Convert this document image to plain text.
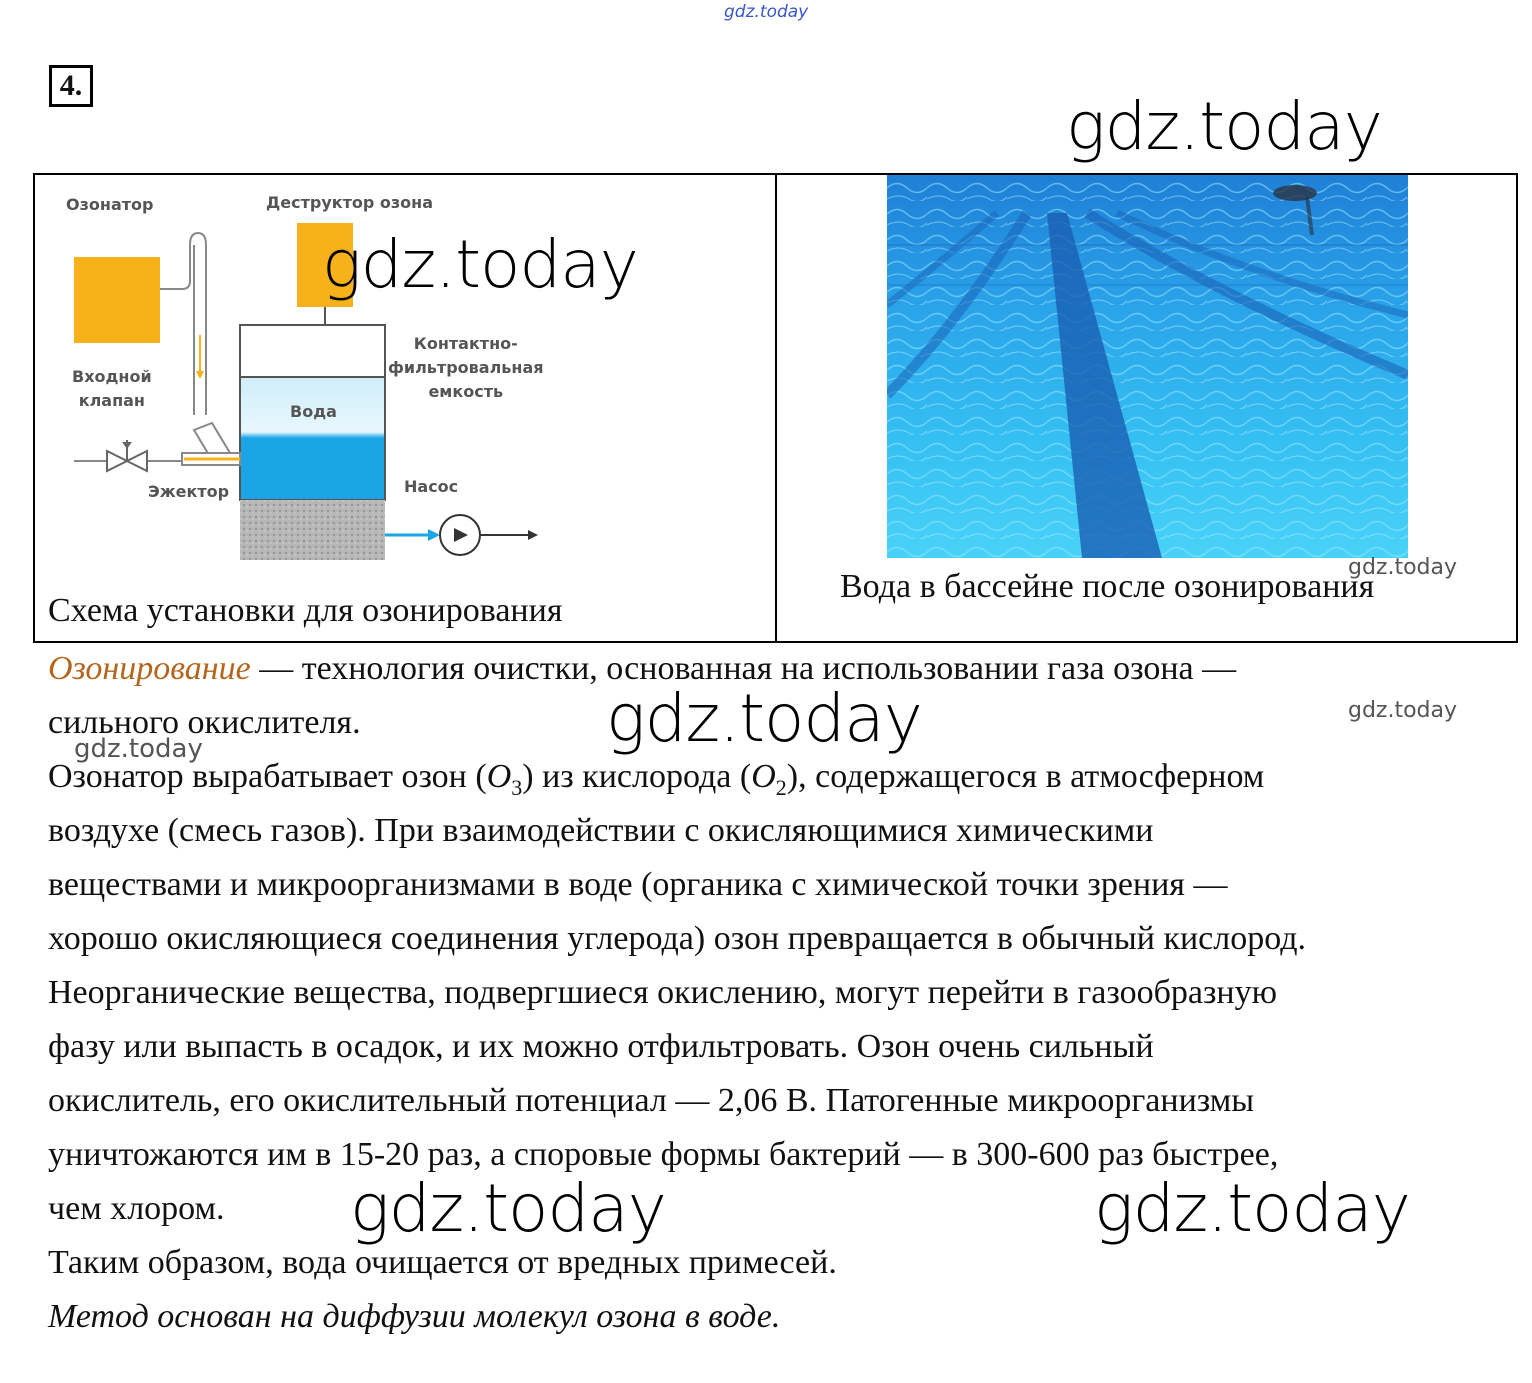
gdz.today
4.
gdz.today
Озонатор	Деструктор озона
Контактно-
фильтровальная
емкость
Входной
клапан
Вода
Эжектор	Насос
gdz.today
gdz.today
Схема установки для озонирования
Вода в бассейне после озонирования
Озонирование — технология очистки, основанная на использовании газа озона —
сильного окислителя.	gdz.today	gdz.today
gdz.today
Озонатор вырабатывает озон $(O_3)$ из кислорода $(O_2)$, содержащегося в атмосферном
воздухе (смесь газов). При взаимодействии с окисляющимися химическими
веществами и микроорганизмами в воде (органика с химической точки зрения —
хорошо окисляющиеся соединения углерода) озон превращается в обычный кислород.
Неорганические вещества, подвергшиеся окислению, могут перейти в газообразную
фазу или выпасть в осадок, и их можно отфильтровать. Озон очень сильный
окислитель, его окислительный потенциал — 2,06 В. Патогенные микроорганизмы
уничтожаются им в 15-20 раз, а споровые формы бактерий — в 300-600 раз быстрее,
чем хлором. gdz.today	gdz.today
Таким образом, вода очищается от вредных примесей.
Метод основан на диффузии молекул озона в воде.
